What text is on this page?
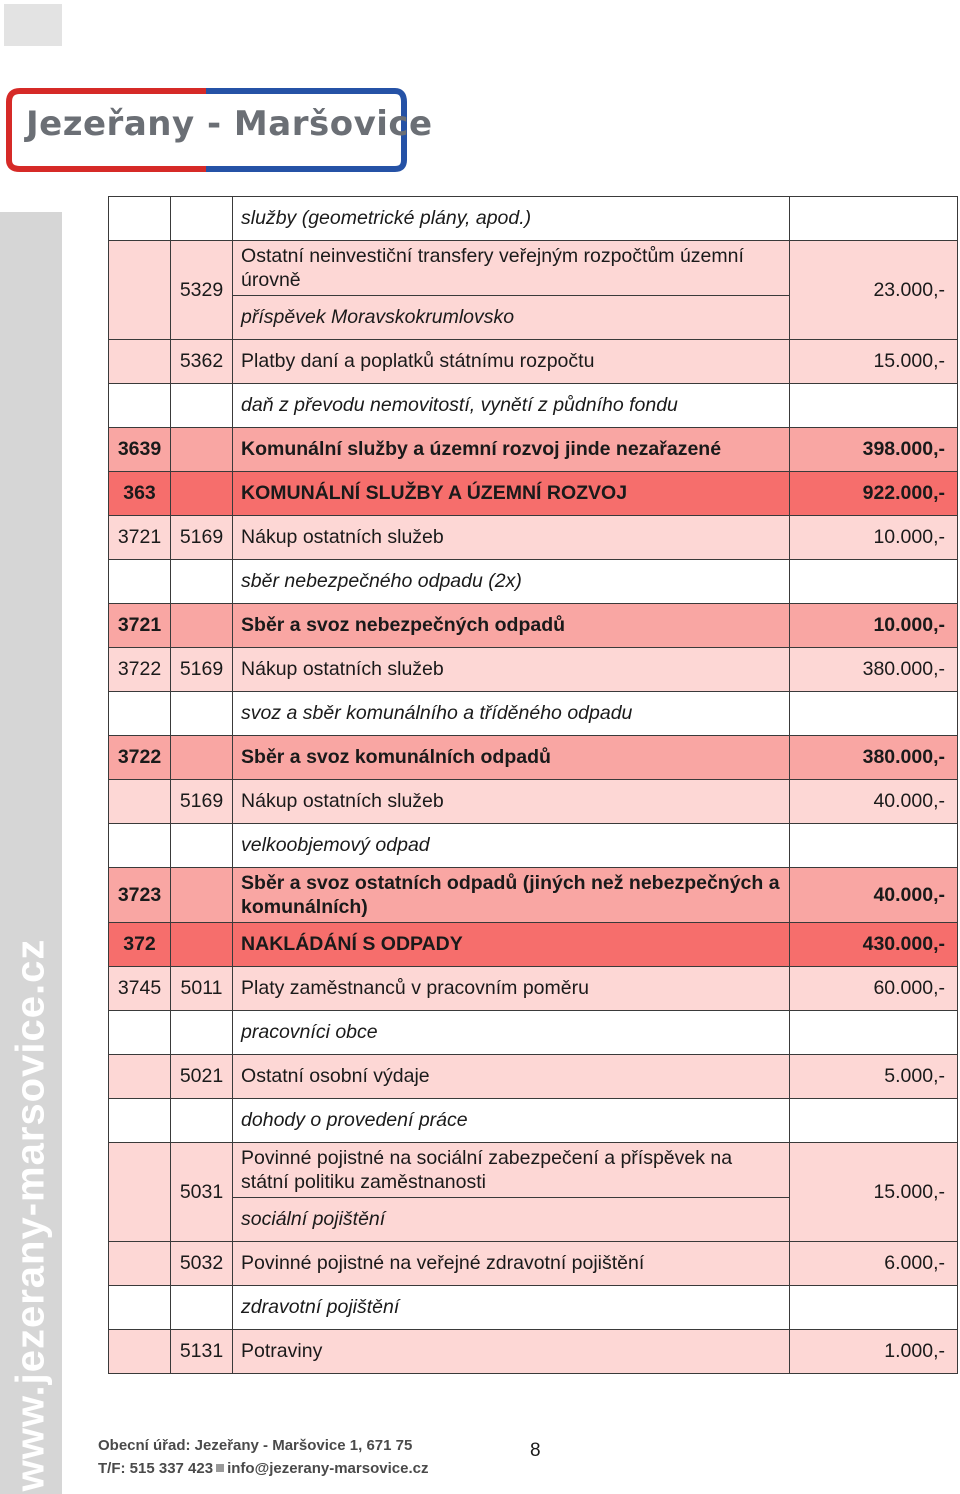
Jezeřany - Maršovice
www.jezerany-marsovice.cz
		služby (geometrické plány, apod.)	
	5329	Ostatní neinvestiční transfery veřejným rozpočtům územní úrovně	23.000,-
		příspěvek Moravskokrumlovsko	
	5362	Platby daní a poplatků státnímu rozpočtu	15.000,-
		daň z převodu nemovitostí, vynětí z půdního fondu	
3639		Komunální služby a územní rozvoj jinde nezařazené	398.000,-
363		KOMUNÁLNÍ SLUŽBY A ÚZEMNÍ ROZVOJ	922.000,-
3721	5169	Nákup ostatních služeb	10.000,-
		sběr nebezpečného odpadu (2x)	
3721		Sběr a svoz nebezpečných odpadů	10.000,-
3722	5169	Nákup ostatních služeb	380.000,-
		svoz a sběr komunálního a tříděného odpadu	
3722		Sběr a svoz komunálních odpadů	380.000,-
	5169	Nákup ostatních služeb	40.000,-
		velkoobjemový odpad	
3723		Sběr a svoz ostatních odpadů (jiných než nebezpečných a komunálních)	40.000,-
372		NAKLÁDÁNÍ S ODPADY	430.000,-
3745	5011	Platy zaměstnanců v pracovním poměru	60.000,-
		pracovníci obce	
	5021	Ostatní osobní výdaje	5.000,-
		dohody o provedení práce	
	5031	Povinné pojistné na sociální zabezpečení a příspěvek na státní politiku zaměstnanosti	15.000,-
		sociální pojištění	
	5032	Povinné pojistné na veřejné zdravotní pojištění	6.000,-
		zdravotní pojištění	
	5131	Potraviny	1.000,-
Obecní úřad: Jezeřany - Maršovice 1, 671 75
T/F: 515 337 423 info@jezerany-marsovice.cz
8
